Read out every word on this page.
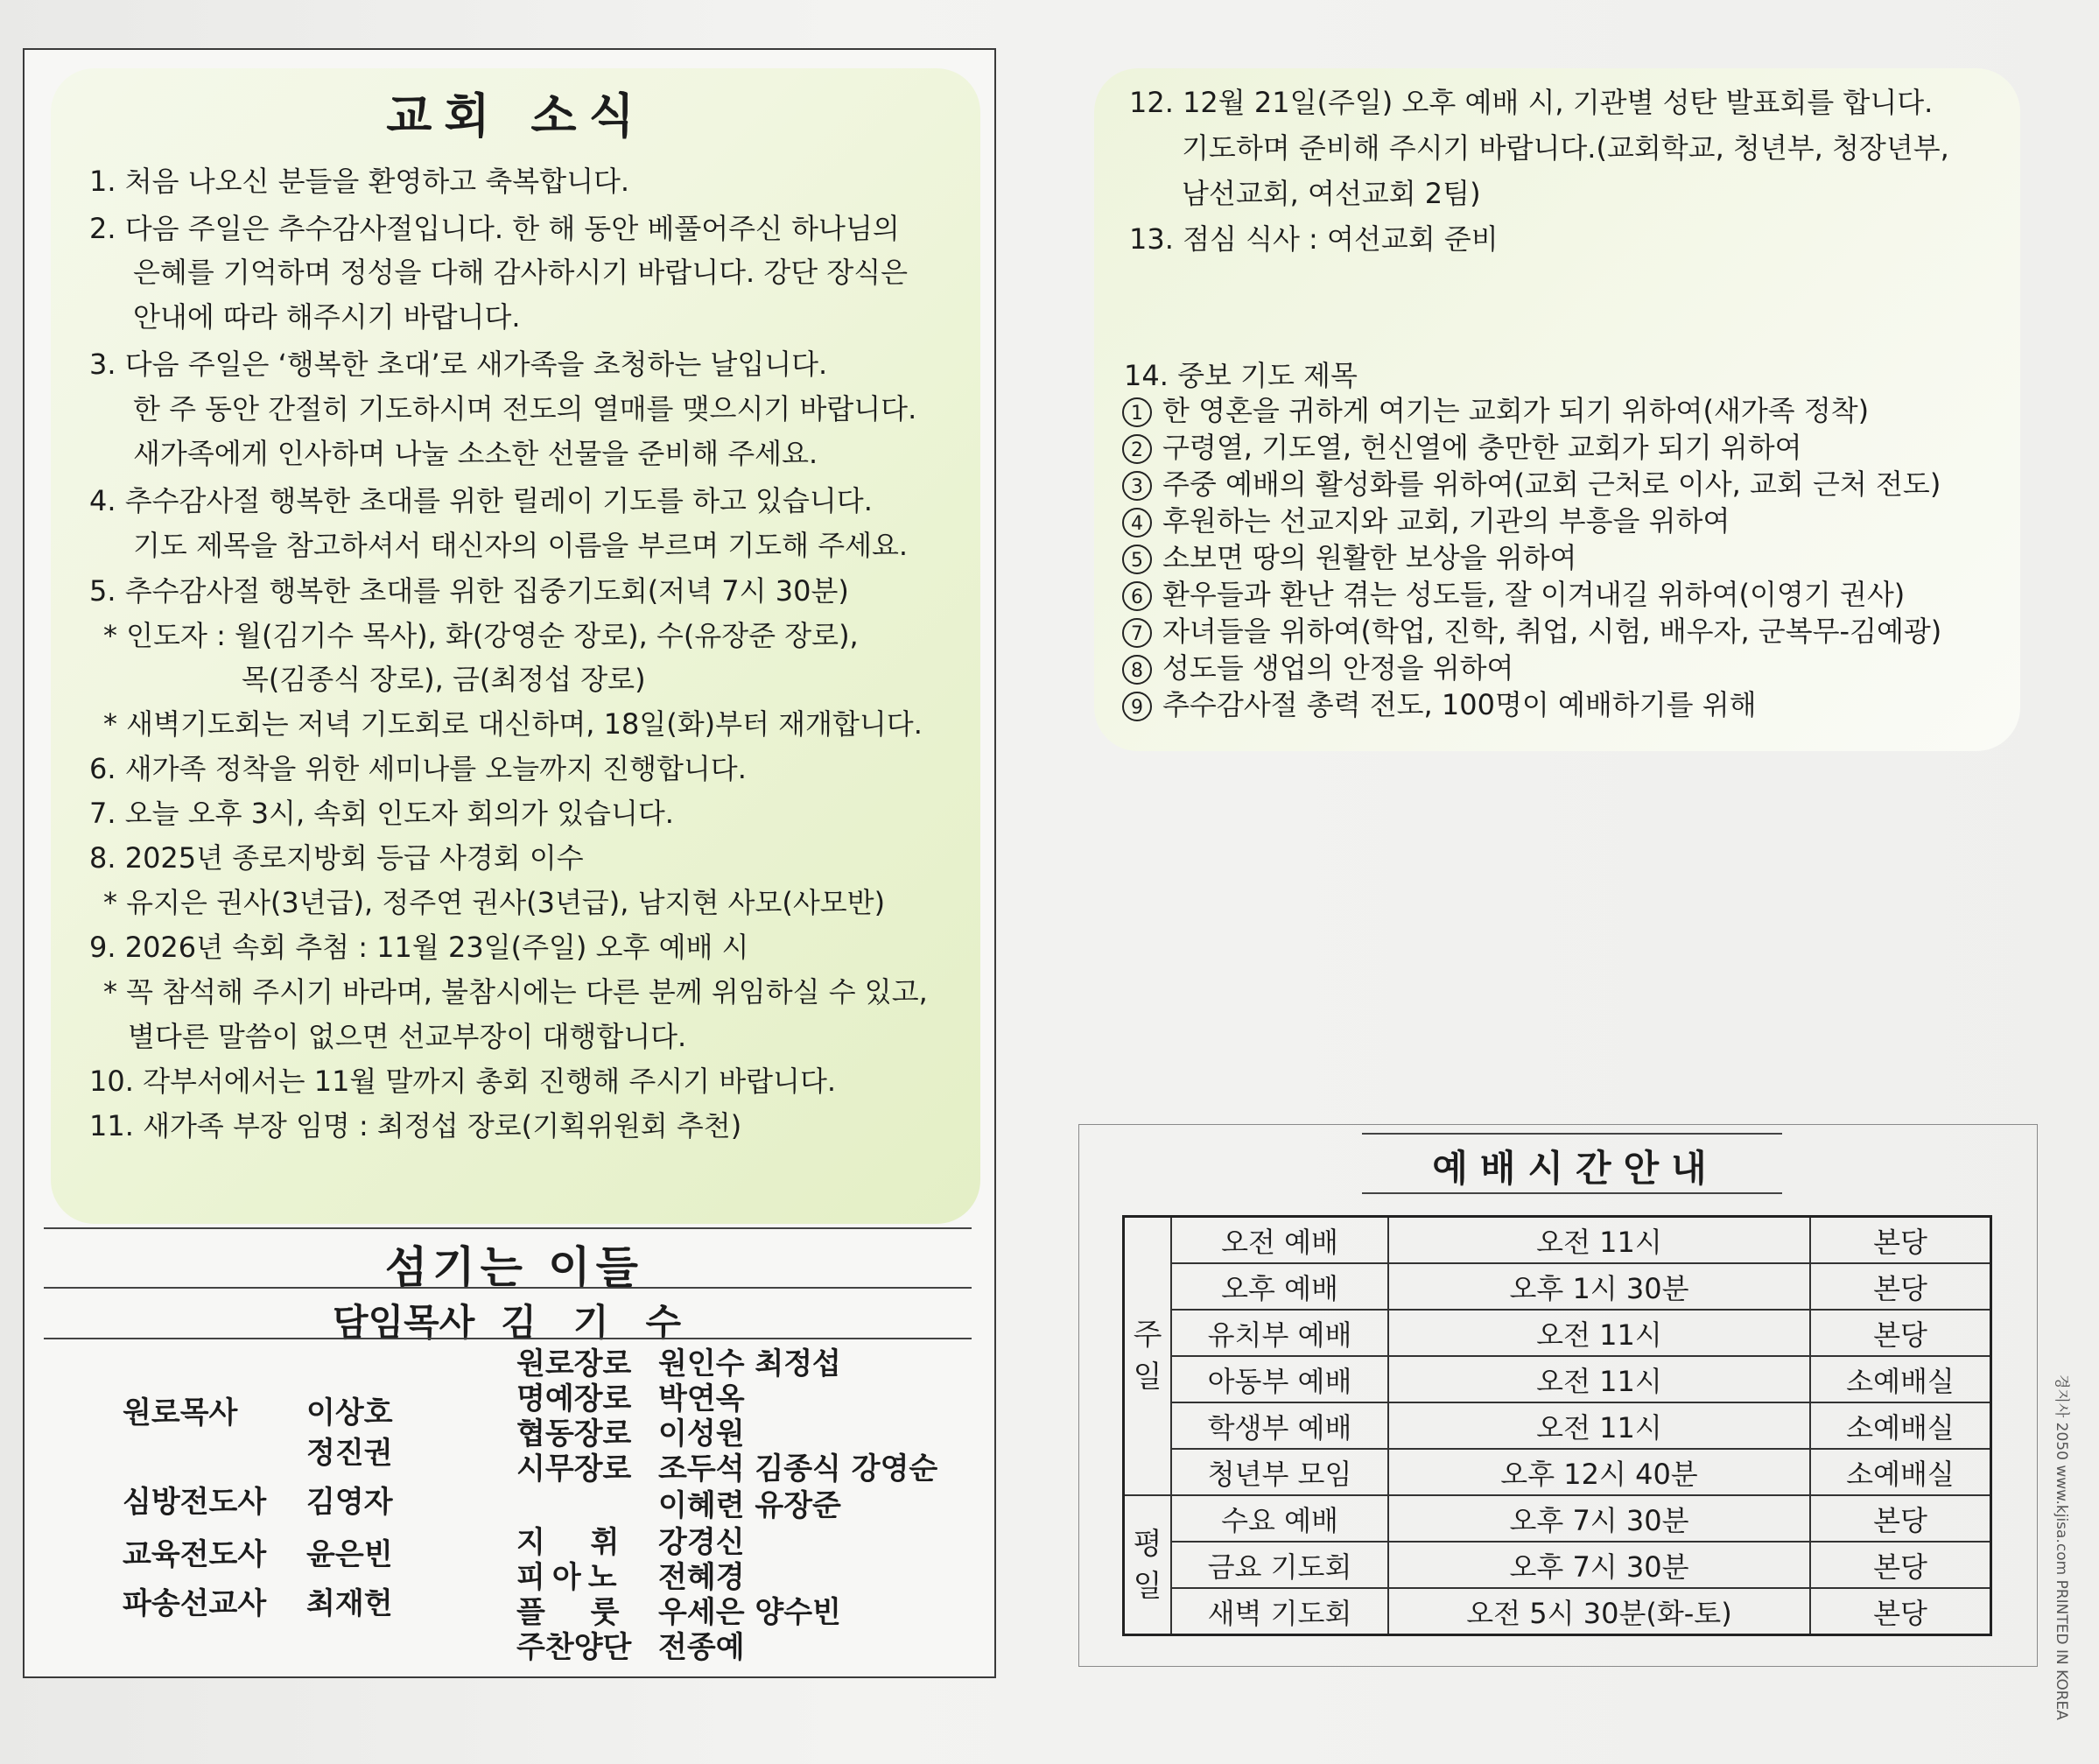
교회 소식
1. 처음 나오신 분들을 환영하고 축복합니다.
2. 다음 주일은 추수감사절입니다. 한 해 동안 베풀어주신 하나님의
은혜를 기억하며 정성을 다해 감사하시기 바랍니다. 강단 장식은
안내에 따라 해주시기 바랍니다.
3. 다음 주일은 ‘행복한 초대’로 새가족을 초청하는 날입니다.
한 주 동안 간절히 기도하시며 전도의 열매를 맺으시기 바랍니다.
새가족에게 인사하며 나눌 소소한 선물을 준비해 주세요.
4. 추수감사절 행복한 초대를 위한 릴레이 기도를 하고 있습니다.
기도 제목을 참고하셔서 태신자의 이름을 부르며 기도해 주세요.
5. 추수감사절 행복한 초대를 위한 집중기도회(저녁 7시 30분)
* 인도자 : 월(김기수 목사), 화(강영순 장로), 수(유장준 장로),
목(김종식 장로), 금(최정섭 장로)
* 새벽기도회는 저녁 기도회로 대신하며, 18일(화)부터 재개합니다.
6. 새가족 정착을 위한 세미나를 오늘까지 진행합니다.
7. 오늘 오후 3시, 속회 인도자 회의가 있습니다.
8. 2025년 종로지방회 등급 사경회 이수
* 유지은 권사(3년급), 정주연 권사(3년급), 남지현 사모(사모반)
9. 2026년 속회 추첨 : 11월 23일(주일) 오후 예배 시
* 꼭 참석해 주시기 바라며, 불참시에는 다른 분께 위임하실 수 있고,
별다른 말씀이 없으면 선교부장이 대행합니다.
10. 각부서에서는 11월 말까지 총회 진행해 주시기 바랍니다.
11. 새가족 부장 임명 : 최정섭 장로(기획위원회 추천)
12. 12월 21일(주일) 오후 예배 시, 기관별 성탄 발표회를 합니다.
기도하며 준비해 주시기 바랍니다.(교회학교, 청년부, 청장년부,
남선교회, 여선교회 2팀)
13. 점심 식사 : 여선교회 준비
14. 중보 기도 제목
1 한 영혼을 귀하게 여기는 교회가 되기 위하여(새가족 정착)
2 구령열, 기도열, 헌신열에 충만한 교회가 되기 위하여
3 주중 예배의 활성화를 위하여(교회 근처로 이사, 교회 근처 전도)
4 후원하는 선교지와 교회, 기관의 부흥을 위하여
5 소보면 땅의 원활한 보상을 위하여
6 환우들과 환난 겪는 성도들, 잘 이겨내길 위하여(이영기 권사)
7 자녀들을 위하여(학업, 진학, 취업, 시험, 배우자, 군복무-김예광)
8 성도들 생업의 안정을 위하여
9 추수감사절 총력 전도, 100명이 예배하기를 위해
섬기는 이들
담임목사 김기수
원로목사 이상호
정진권
심방전도사 김영자
교육전도사 윤은빈
파송선교사 최재헌
원로장로 원인수 최정섭
명예장로 박연옥
협동장로 이성원
시무장로 조두석 김종식 강영순
이혜련 유장준
지 휘 강경신
피아노 전혜경
플 룻 우세은 양수빈
주찬양단 전종예
예배시간안내
주
일	오전 예배	오전 11시	본당
	오후 예배	오후 1시 30분	본당
	유치부 예배	오전 11시	본당
	아동부 예배	오전 11시	소예배실
	학생부 예배	오전 11시	소예배실
	청년부 모임	오후 12시 40분	소예배실
평
일	수요 예배	오후 7시 30분	본당
	금요 기도회	오후 7시 30분	본당
	새벽 기도회	오전 5시 30분(화-토)	본당	경지사 2050 www.kjisa.com PRINTED IN KOREA
